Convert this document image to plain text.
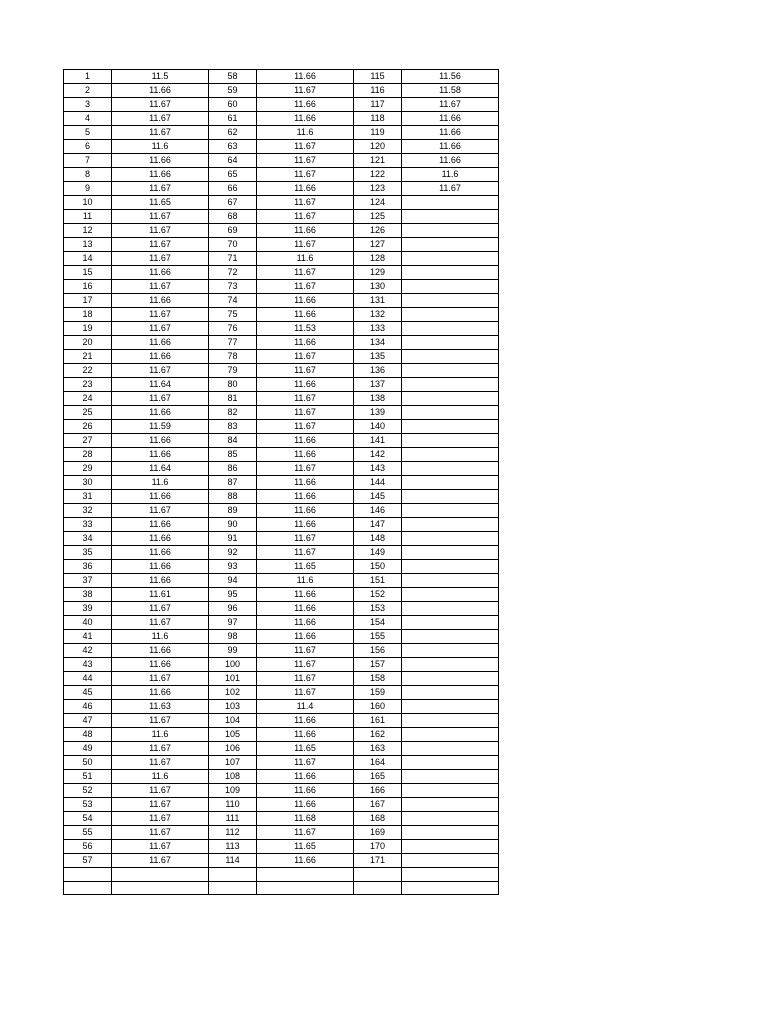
1	11.5	58	11.66	115	11.56
2	11.66	59	11.67	116	11.58
3	11.67	60	11.66	117	11.67
4	11.67	61	11.66	118	11.66
5	11.67	62	11.6	119	11.66
6	11.6	63	11.67	120	11.66
7	11.66	64	11.67	121	11.66
8	11.66	65	11.67	122	11.6
9	11.67	66	11.66	123	11.67
10	11.65	67	11.67	124	
11	11.67	68	11.67	125	
12	11.67	69	11.66	126	
13	11.67	70	11.67	127	
14	11.67	71	11.6	128	
15	11.66	72	11.67	129	
16	11.67	73	11.67	130	
17	11.66	74	11.66	131	
18	11.67	75	11.66	132	
19	11.67	76	11.53	133	
20	11.66	77	11.66	134	
21	11.66	78	11.67	135	
22	11.67	79	11.67	136	
23	11.64	80	11.66	137	
24	11.67	81	11.67	138	
25	11.66	82	11.67	139	
26	11.59	83	11.67	140	
27	11.66	84	11.66	141	
28	11.66	85	11.66	142	
29	11.64	86	11.67	143	
30	11.6	87	11.66	144	
31	11.66	88	11.66	145	
32	11.67	89	11.66	146	
33	11.66	90	11.66	147	
34	11.66	91	11.67	148	
35	11.66	92	11.67	149	
36	11.66	93	11.65	150	
37	11.66	94	11.6	151	
38	11.61	95	11.66	152	
39	11.67	96	11.66	153	
40	11.67	97	11.66	154	
41	11.6	98	11.66	155	
42	11.66	99	11.67	156	
43	11.66	100	11.67	157	
44	11.67	101	11.67	158	
45	11.66	102	11.67	159	
46	11.63	103	11.4	160	
47	11.67	104	11.66	161	
48	11.6	105	11.66	162	
49	11.67	106	11.65	163	
50	11.67	107	11.67	164	
51	11.6	108	11.66	165	
52	11.67	109	11.66	166	
53	11.67	110	11.66	167	
54	11.67	111	11.68	168	
55	11.67	112	11.67	169	
56	11.67	113	11.65	170	
57	11.67	114	11.66	171	
